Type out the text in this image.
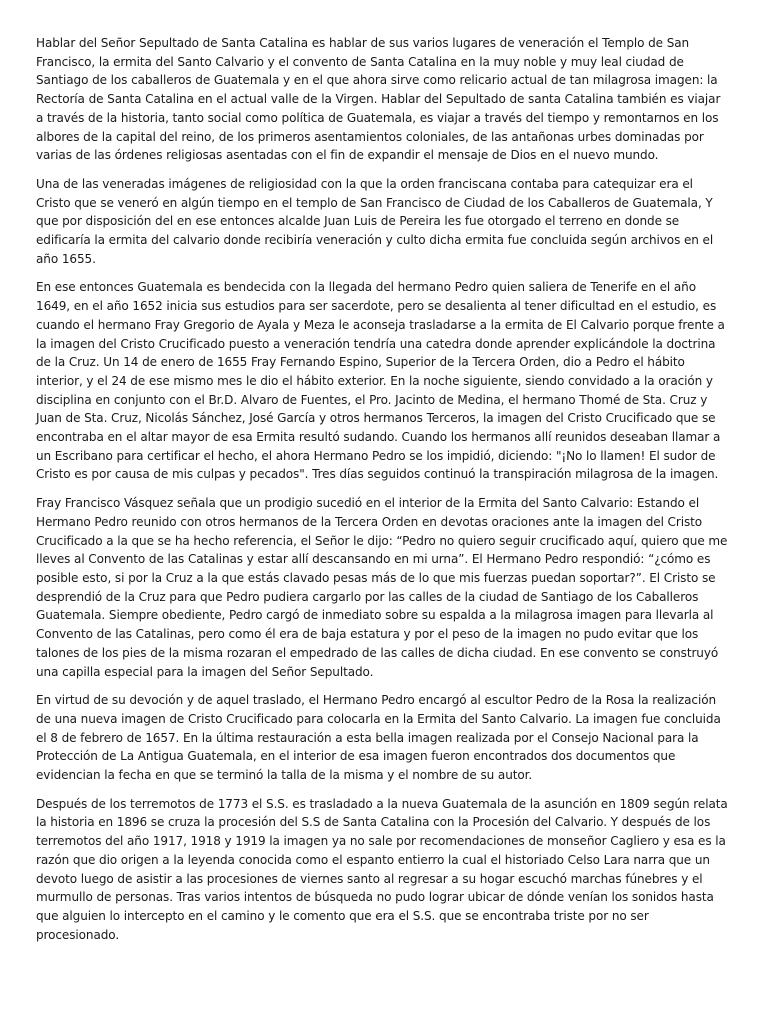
Hablar del Señor Sepultado de Santa Catalina es hablar de sus varios lugares de veneración el Templo de San Francisco, la ermita del Santo Calvario y el convento de Santa Catalina en la muy noble y muy leal ciudad de Santiago de los caballeros de Guatemala y en el que ahora sirve como relicario actual de tan milagrosa imagen: la Rectoría de Santa Catalina en el actual valle de la Virgen. Hablar del Sepultado de santa Catalina también es viajar a través de la historia, tanto social como política de Guatemala, es viajar a través del tiempo y remontarnos en los albores de la capital del reino, de los primeros asentamientos coloniales, de las antañonas urbes dominadas por varias de las órdenes religiosas asentadas con el fin de expandir el mensaje de Dios en el nuevo mundo.

Una de las veneradas imágenes de religiosidad con la que la orden franciscana contaba para catequizar era el Cristo que se veneró en algún tiempo en el templo de San Francisco de Ciudad de los Caballeros de Guatemala, Y que por disposición del en ese entonces alcalde Juan Luis de Pereira les fue otorgado el terreno en donde se edificaría la ermita del calvario donde recibiría veneración y culto dicha ermita fue concluida según archivos en el año 1655.

En ese entonces Guatemala es bendecida con la llegada del hermano Pedro quien saliera de Tenerife en el año 1649, en el año 1652 inicia sus estudios para ser sacerdote, pero se desalienta al tener dificultad en el estudio, es cuando el hermano Fray Gregorio de Ayala y Meza le aconseja trasladarse a la ermita de El Calvario porque frente a la imagen del Cristo Crucificado puesto a veneración tendría una catedra donde aprender explicándole la doctrina de la Cruz. Un 14 de enero de 1655 Fray Fernando Espino, Superior de la Tercera Orden, dio a Pedro el hábito interior, y el 24 de ese mismo mes le dio el hábito exterior. En la noche siguiente, siendo convidado a la oración y disciplina en conjunto con el Br.D. Alvaro de Fuentes, el Pro. Jacinto de Medina, el hermano Thomé de Sta. Cruz y Juan de Sta. Cruz, Nicolás Sánchez, José García y otros hermanos Terceros, la imagen del Cristo Crucificado que se encontraba en el altar mayor de esa Ermita resultó sudando. Cuando los hermanos allí reunidos deseaban llamar a un Escribano para certificar el hecho, el ahora Hermano Pedro se los impidió, diciendo: "¡No lo llamen! El sudor de Cristo es por causa de mis culpas y pecados". Tres días seguidos continuó la transpiración milagrosa de la imagen.

Fray Francisco Vásquez señala que un prodigio sucedió en el interior de la Ermita del Santo Calvario: Estando el Hermano Pedro reunido con otros hermanos de la Tercera Orden en devotas oraciones ante la imagen del Cristo Crucificado a la que se ha hecho referencia, el Señor le dijo: “Pedro no quiero seguir crucificado aquí, quiero que me lleves al Convento de las Catalinas y estar allí descansando en mi urna”. El Hermano Pedro respondió: “¿cómo es posible esto, si por la Cruz a la que estás clavado pesas más de lo que mis fuerzas puedan soportar?”. El Cristo se desprendió de la Cruz para que Pedro pudiera cargarlo por las calles de la ciudad de Santiago de los Caballeros Guatemala. Siempre obediente, Pedro cargó de inmediato sobre su espalda a la milagrosa imagen para llevarla al Convento de las Catalinas, pero como él era de baja estatura y por el peso de la imagen no pudo evitar que los talones de los pies de la misma rozaran el empedrado de las calles de dicha ciudad. En ese convento se construyó una capilla especial para la imagen del Señor Sepultado.

En virtud de su devoción y de aquel traslado, el Hermano Pedro encargó al escultor Pedro de la Rosa la realización de una nueva imagen de Cristo Crucificado para colocarla en la Ermita del Santo Calvario. La imagen fue concluida el 8 de febrero de 1657. En la última restauración a esta bella imagen realizada por el Consejo Nacional para la Protección de La Antigua Guatemala, en el interior de esa imagen fueron encontrados dos documentos que evidencian la fecha en que se terminó la talla de la misma y el nombre de su autor.

Después de los terremotos de 1773 el S.S. es trasladado a la nueva Guatemala de la asunción en 1809 según relata la historia en 1896 se cruza la procesión del S.S de Santa Catalina con la Procesión del Calvario. Y después de los terremotos del año 1917, 1918 y 1919 la imagen ya no sale por recomendaciones de monseñor Cagliero y esa es la razón que dio origen a la leyenda conocida como el espanto entierro la cual el historiado Celso Lara narra que un devoto luego de asistir a las procesiones de viernes santo al regresar a su hogar escuchó marchas fúnebres y el murmullo de personas. Tras varios intentos de búsqueda no pudo lograr ubicar de dónde venían los sonidos hasta que alguien lo intercepto en el camino y le comento que era el S.S. que se encontraba triste por no ser procesionado.
